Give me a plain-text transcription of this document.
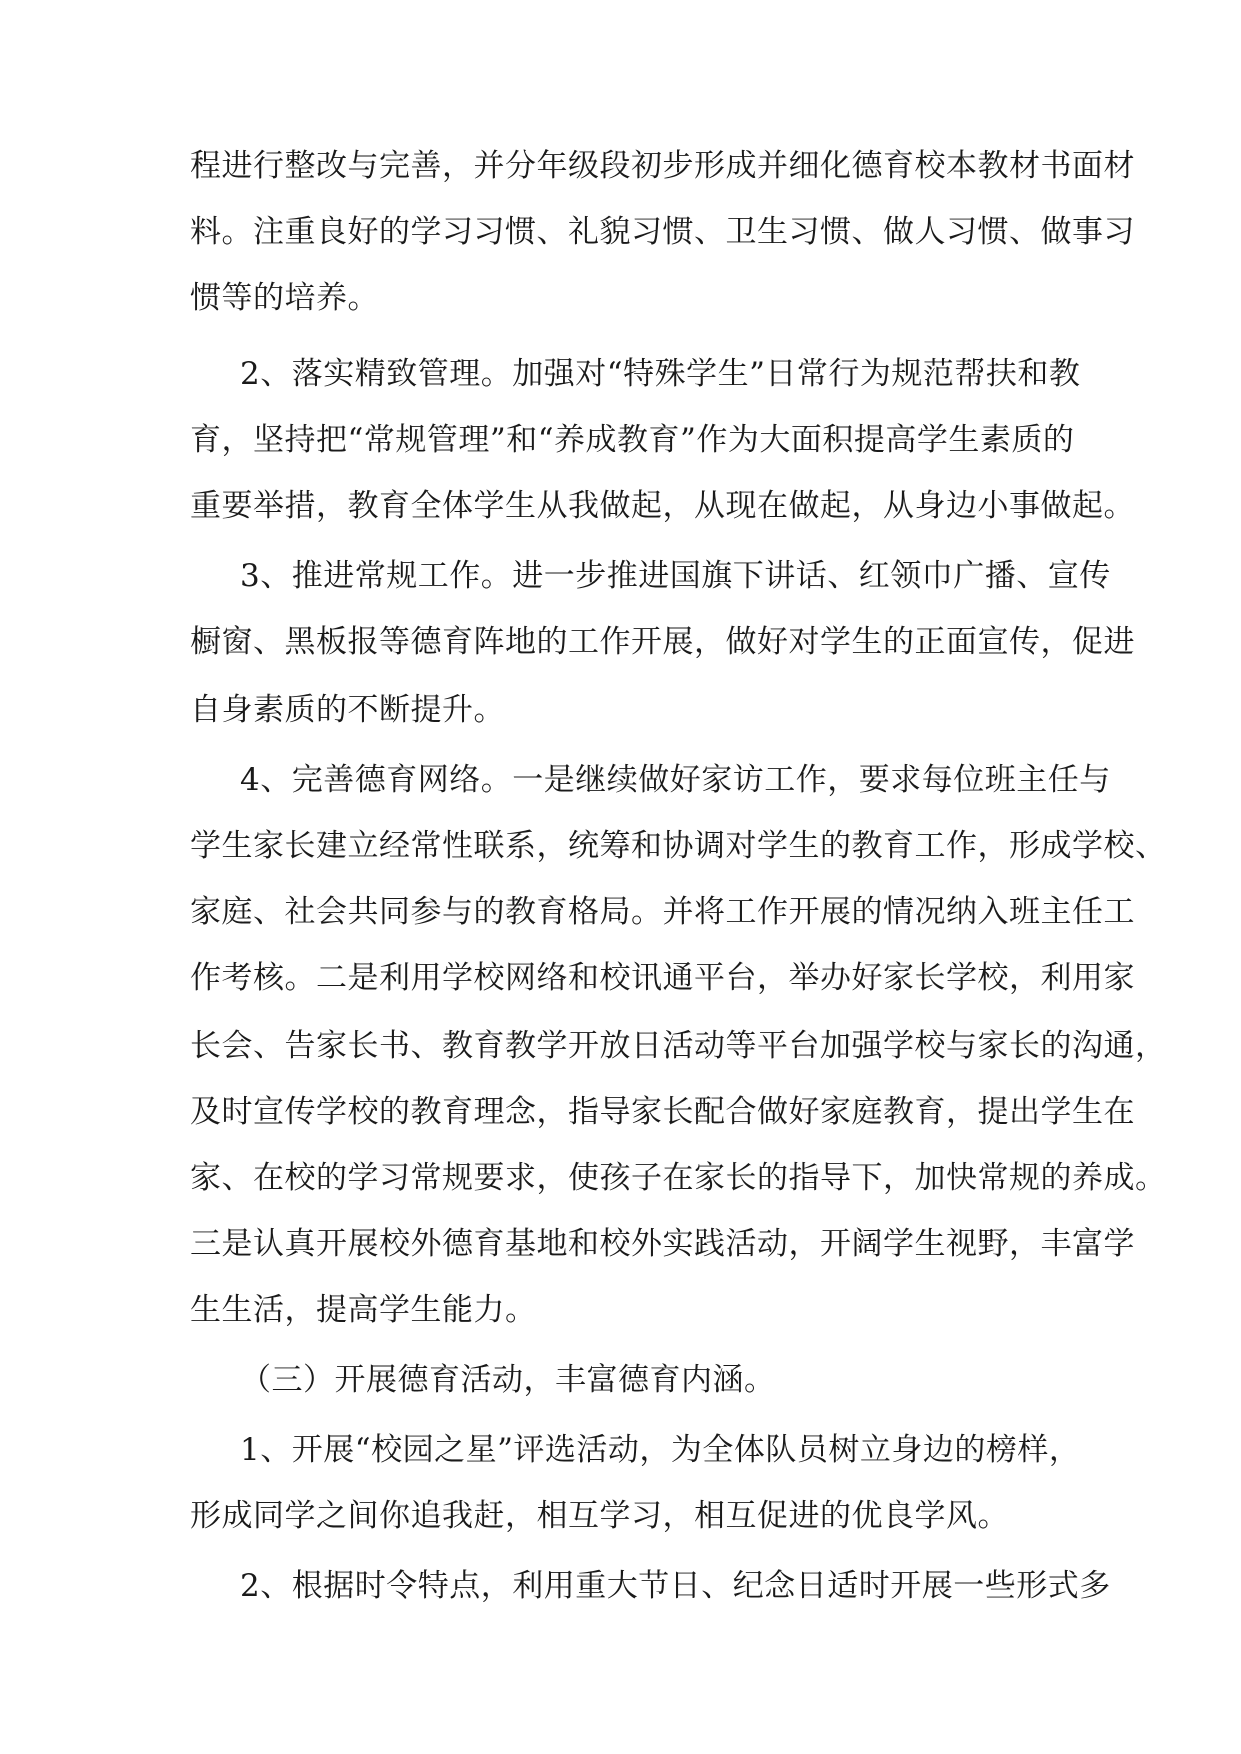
程进行整改与完善，并分年级段初步形成并细化德育校本教材书面材
料。注重良好的学习习惯、礼貌习惯、卫生习惯、做人习惯、做事习
惯等的培养。
2、落实精致管理。加强对“特殊学生”日常行为规范帮扶和教
育，坚持把“常规管理”和“养成教育”作为大面积提高学生素质的
重要举措，教育全体学生从我做起，从现在做起，从身边小事做起。
3、推进常规工作。进一步推进国旗下讲话、红领巾广播、宣传
橱窗、黑板报等德育阵地的工作开展，做好对学生的正面宣传，促进
自身素质的不断提升。
4、完善德育网络。一是继续做好家访工作，要求每位班主任与
学生家长建立经常性联系，统筹和协调对学生的教育工作，形成学校、
家庭、社会共同参与的教育格局。并将工作开展的情况纳入班主任工
作考核。二是利用学校网络和校讯通平台，举办好家长学校，利用家
长会、告家长书、教育教学开放日活动等平台加强学校与家长的沟通，
及时宣传学校的教育理念，指导家长配合做好家庭教育，提出学生在
家、在校的学习常规要求，使孩子在家长的指导下，加快常规的养成。
三是认真开展校外德育基地和校外实践活动，开阔学生视野，丰富学
生生活，提高学生能力。
（三）开展德育活动，丰富德育内涵。
1、开展“校园之星”评选活动，为全体队员树立身边的榜样，
形成同学之间你追我赶，相互学习，相互促进的优良学风。
2、根据时令特点，利用重大节日、纪念日适时开展一些形式多
